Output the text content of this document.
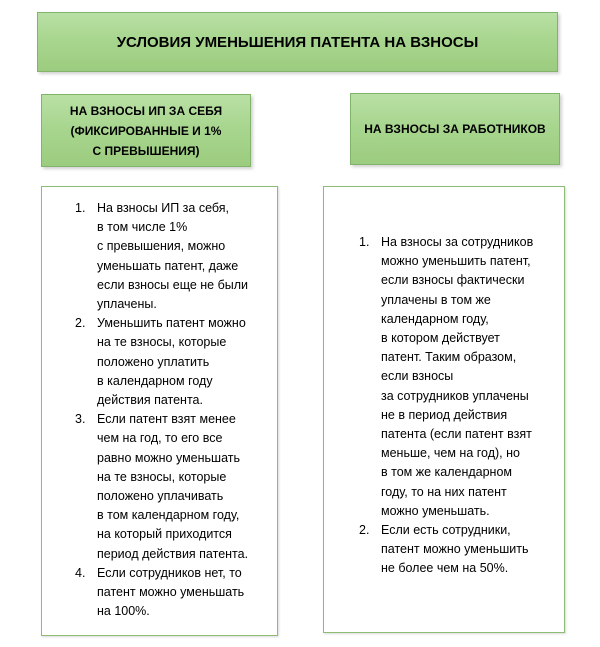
УСЛОВИЯ УМЕНЬШЕНИЯ ПАТЕНТА НА ВЗНОСЫ
НА ВЗНОСЫ ИП ЗА СЕБЯ
(ФИКСИРОВАННЫЕ И 1%
С ПРЕВЫШЕНИЯ)
НА ВЗНОСЫ ЗА РАБОТНИКОВ
1. На взносы ИП за себя,
в том числе 1%
с превышения, можно
уменьшать патент, даже
если взносы еще не были
уплачены.
2. Уменьшить патент можно
на те взносы, которые
положено уплатить
в календарном году
действия патента.
3. Если патент взят менее
чем на год, то его все
равно можно уменьшать
на те взносы, которые
положено уплачивать
в том календарном году,
на который приходится
период действия патента.
4. Если сотрудников нет, то
патент можно уменьшать
на 100%.
1. На взносы за сотрудников
можно уменьшить патент,
если взносы фактически
уплачены в том же
календарном году,
в котором действует
патент. Таким образом,
если взносы
за сотрудников уплачены
не в период действия
патента (если патент взят
меньше, чем на год), но
в том же календарном
году, то на них патент
можно уменьшать.
2. Если есть сотрудники,
патент можно уменьшить
не более чем на 50%.
